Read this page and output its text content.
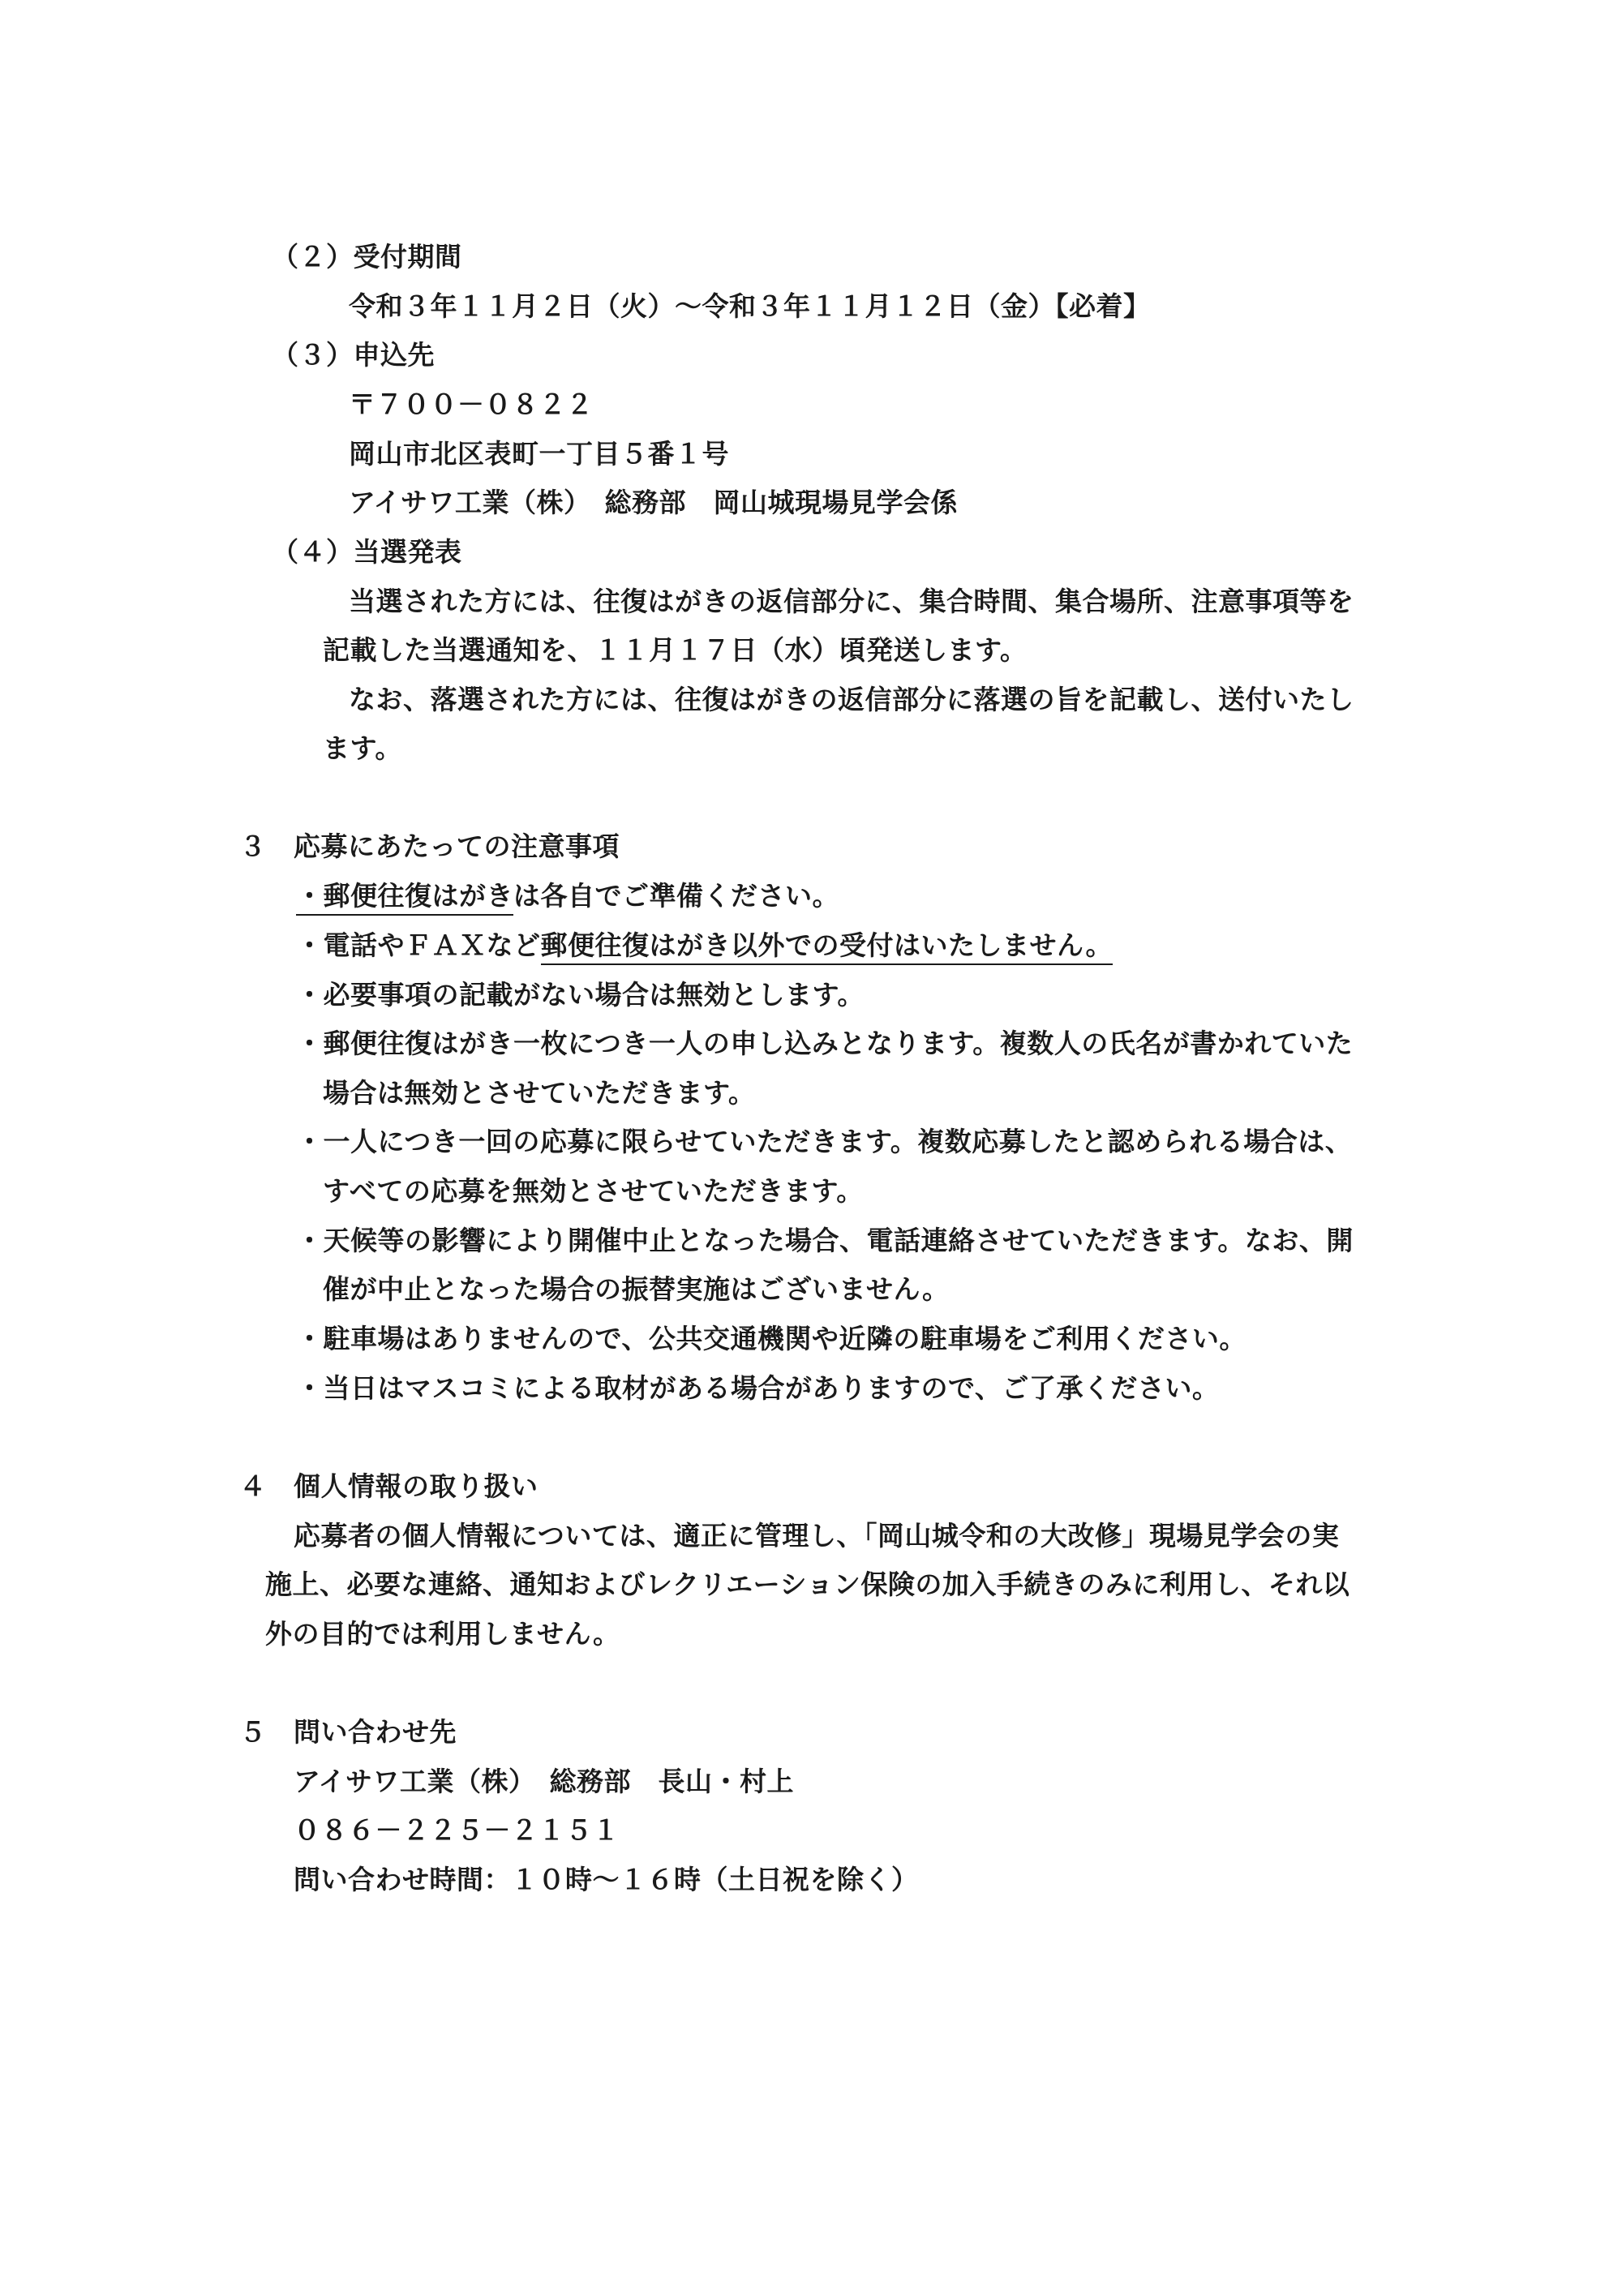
（２）受付期間

令和３年１１月２日（火）～令和３年１１月１２日（金）【必着】

（３）申込先

〒７００－０８２２

岡山市北区表町一丁目５番１号

アイサワ工業（株）　総務部　岡山城現場見学会係

（４）当選発表

当選された方には、往復はがきの返信部分に、集合時間、集合場所、注意事項等を

記載した当選通知を、１１月１７日（水）頃発送します。

なお、落選された方には、往復はがきの返信部分に落選の旨を記載し、送付いたし

ます。

３　応募にあたっての注意事項

・郵便往復はがきは各自でご準備ください。

・電話やＦＡＸなど郵便往復はがき以外での受付はいたしません。

・必要事項の記載がない場合は無効とします。

・郵便往復はがき一枚につき一人の申し込みとなります。複数人の氏名が書かれていた

場合は無効とさせていただきます。

・一人につき一回の応募に限らせていただきます。複数応募したと認められる場合は、

すべての応募を無効とさせていただきます。

・天候等の影響により開催中止となった場合、電話連絡させていただきます。なお、開

催が中止となった場合の振替実施はございません。

・駐車場はありませんので、公共交通機関や近隣の駐車場をご利用ください。

・当日はマスコミによる取材がある場合がありますので、ご了承ください。

４　個人情報の取り扱い

応募者の個人情報については、適正に管理し、「岡山城令和の大改修」現場見学会の実

施上、必要な連絡、通知およびレクリエーション保険の加入手続きのみに利用し、それ以

外の目的では利用しません。

５　問い合わせ先

アイサワ工業（株）　総務部　長山・村上

０８６－２２５－２１５１

問い合わせ時間：１０時～１６時（土日祝を除く）
